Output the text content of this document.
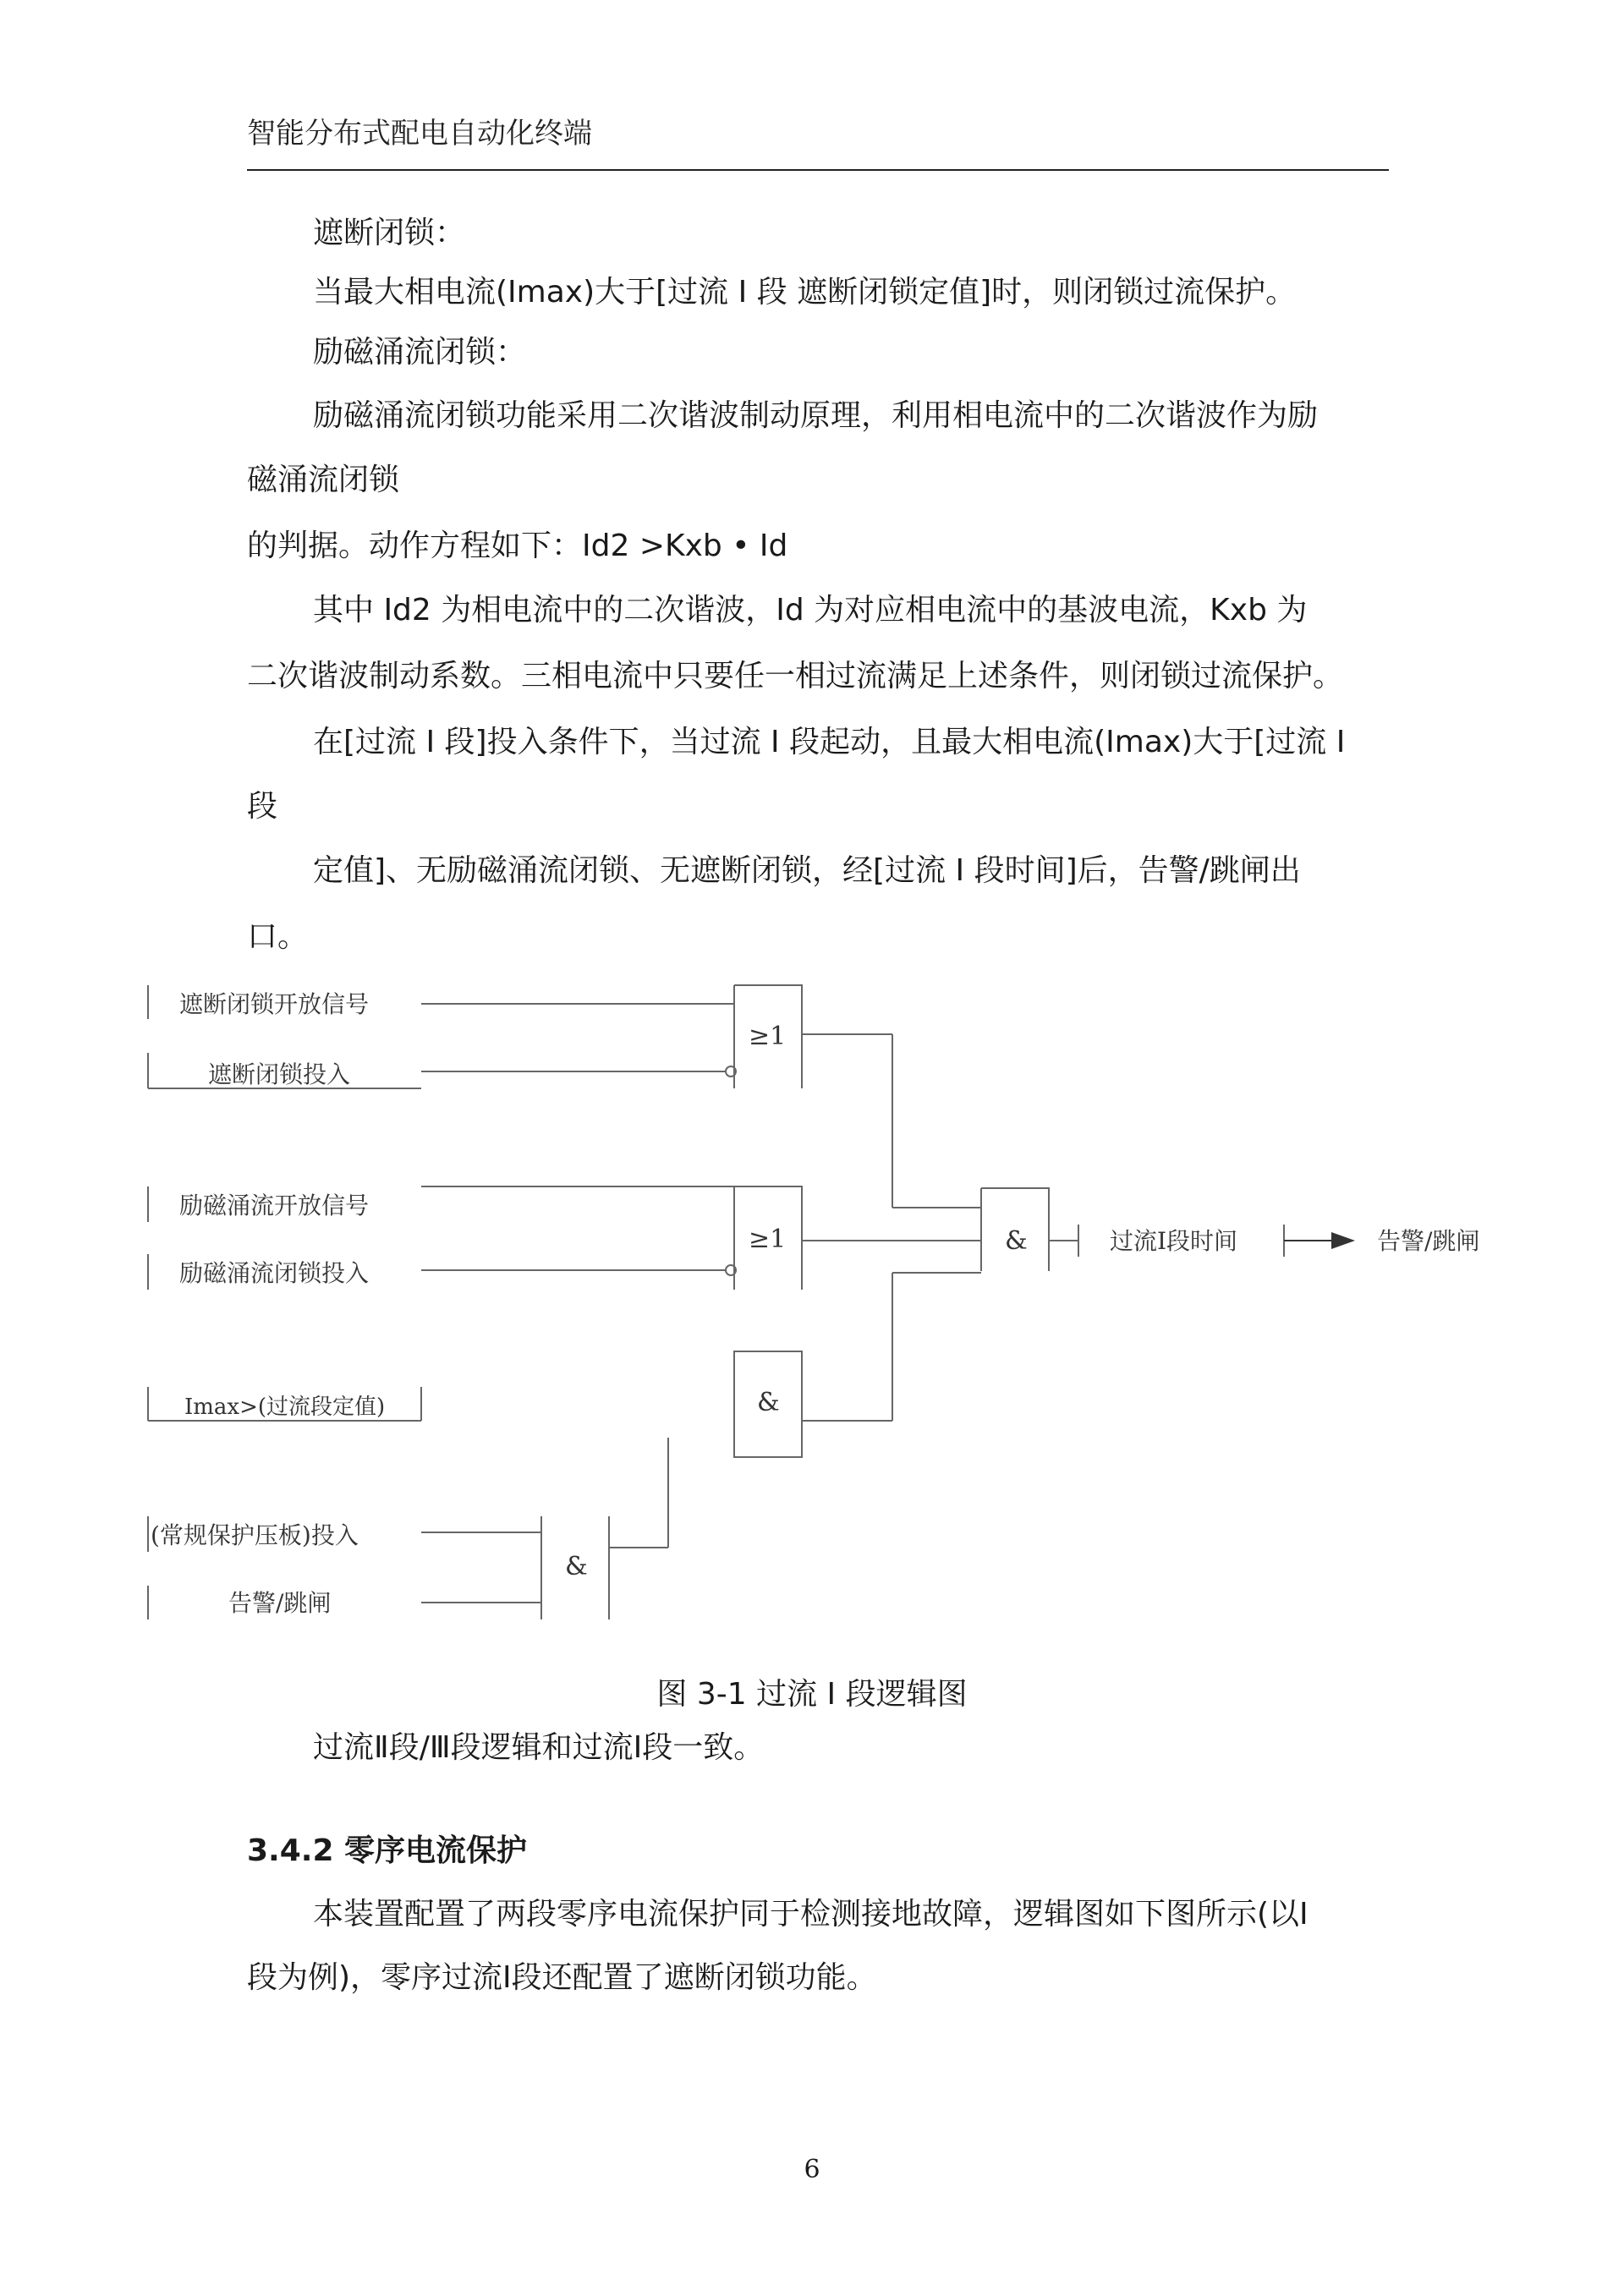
智能分布式配电自动化终端
遮断闭锁：
当最大相电流(Imax)大于[过流 Ⅰ 段 遮断闭锁定值]时，则闭锁过流保护。
励磁涌流闭锁：
励磁涌流闭锁功能采用二次谐波制动原理，利用相电流中的二次谐波作为励
磁涌流闭锁
的判据。动作方程如下：Id2 >Kxb • Id
其中 Id2 为相电流中的二次谐波，Id 为对应相电流中的基波电流，Kxb 为
二次谐波制动系数。三相电流中只要任一相过流满足上述条件，则闭锁过流保护。
在[过流 Ⅰ 段]投入条件下，当过流 Ⅰ 段起动，且最大相电流(Imax)大于[过流 Ⅰ
段
定值]、无励磁涌流闭锁、无遮断闭锁，经[过流 Ⅰ 段时间]后，告警/跳闸出
口。
遮断闭锁开放信号
遮断闭锁投入
励磁涌流开放信号
励磁涌流闭锁投入
Imax>(过流段定值)
(常规保护压板)投入
告警/跳闸
≥1
≥1	&
&
&
过流Ⅰ段时间	告警/跳闸
图 3-1 过流 Ⅰ 段逻辑图
过流Ⅱ段/Ⅲ段逻辑和过流Ⅰ段一致。
3.4.2 零序电流保护
本装置配置了两段零序电流保护同于检测接地故障，逻辑图如下图所示(以Ⅰ
段为例)，零序过流Ⅰ段还配置了遮断闭锁功能。
6
